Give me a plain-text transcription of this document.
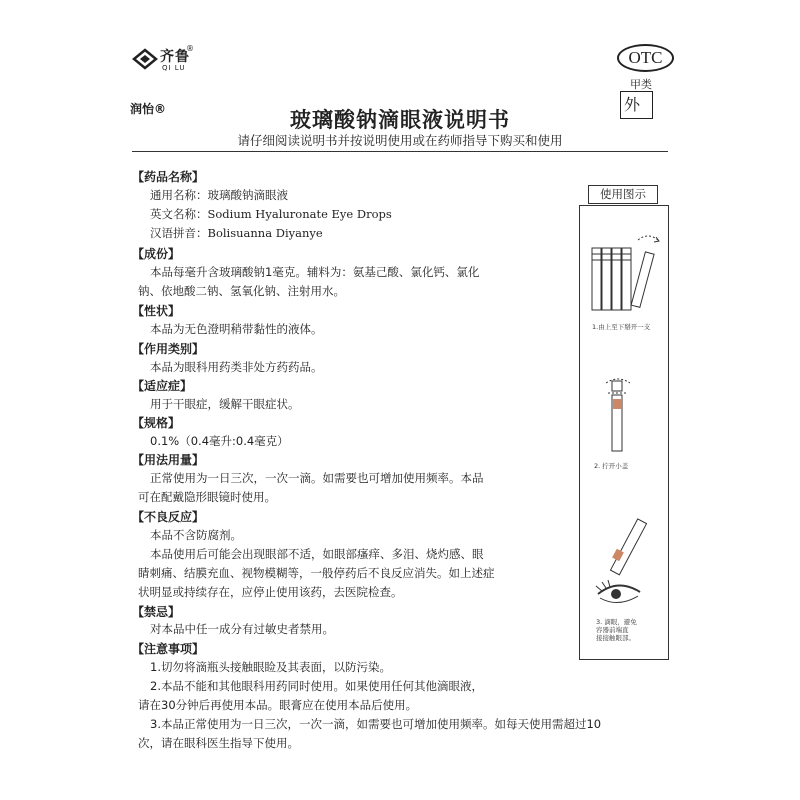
齐鲁
®
QI LU
OTC
甲类
外
润怡®	玻璃酸钠滴眼液说明书
请仔细阅读说明书并按说明使用或在药师指导下购买和使用
【药品名称】
通用名称：玻璃酸钠滴眼液
英文名称：Sodium Hyaluronate Eye Drops
汉语拼音：Bolisuanna Diyanye
【成份】
本品每毫升含玻璃酸钠1毫克。辅料为：氨基己酸、氯化钙、氯化
钠、依地酸二钠、氢氧化钠、注射用水。
【性状】
本品为无色澄明稍带黏性的液体。
【作用类别】
本品为眼科用药类非处方药药品。
【适应症】
用于干眼症，缓解干眼症状。
【规格】
0.1%（0.4毫升:0.4毫克）
【用法用量】
正常使用为一日三次，一次一滴。如需要也可增加使用频率。本品
可在配戴隐形眼镜时使用。
【不良反应】
本品不含防腐剂。
本品使用后可能会出现眼部不适，如眼部瘙痒、多泪、烧灼感、眼
睛刺痛、结膜充血、视物模糊等，一般停药后不良反应消失。如上述症
状明显或持续存在，应停止使用该药，去医院检查。
【禁忌】
对本品中任一成分有过敏史者禁用。
【注意事项】
1.切勿将滴瓶头接触眼睑及其表面，以防污染。
2.本品不能和其他眼科用药同时使用。如果使用任何其他滴眼液，
请在30分钟后再使用本品。眼膏应在使用本品后使用。
3.本品正常使用为一日三次，一次一滴，如需要也可增加使用频率。如每天使用需超过10
次，请在眼科医生指导下使用。
使用图示
1.由上至下掰开一支
2. 拧开小盖
3. 滴眼，避免
容器前端直
接接触眼部。
